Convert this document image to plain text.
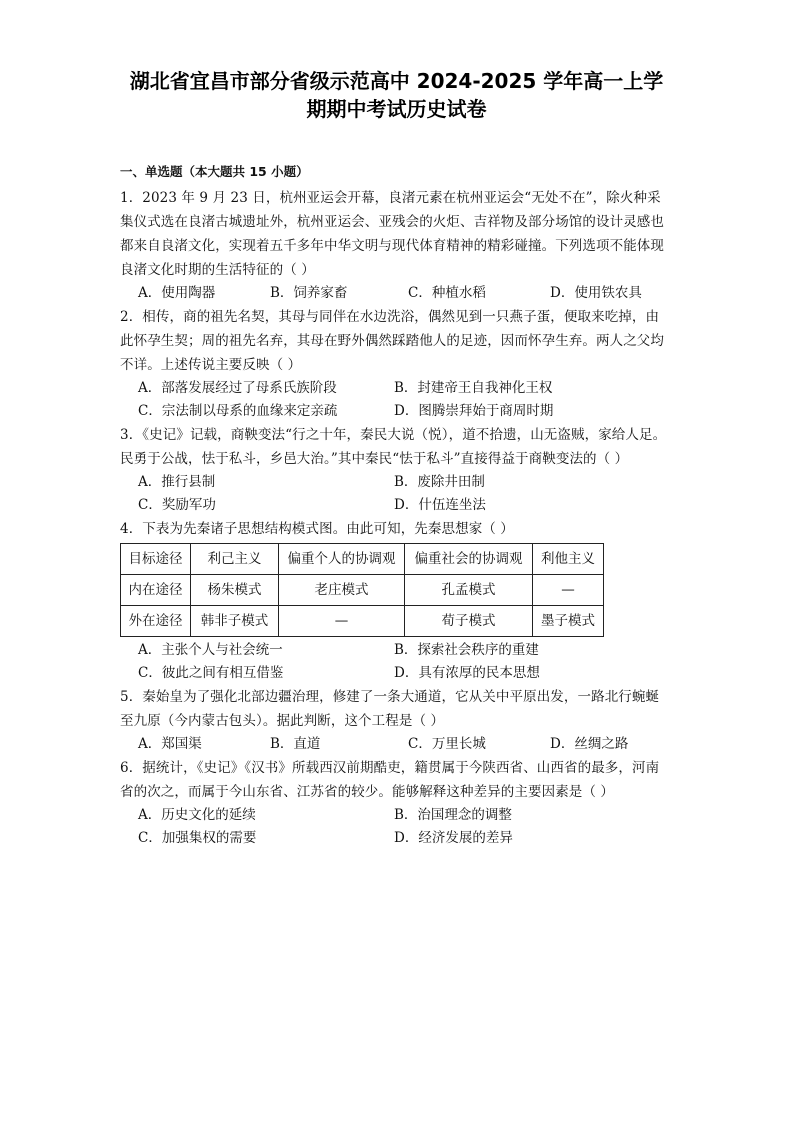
湖北省宜昌市部分省级示范高中 2024-2025 学年高一上学
期期中考试历史试卷
一、单选题（本大题共 15 小题）

1．2023 年 9 月 23 日，杭州亚运会开幕，良渚元素在杭州亚运会“无处不在”，除火种采集仪式选在良渚古城遗址外，杭州亚运会、亚残会的火炬、吉祥物及部分场馆的设计灵感也都来自良渚文化，实现着五千多年中华文明与现代体育精神的精彩碰撞。下列选项不能体现良渚文化时期的生活特征的（ ）

A．使用陶器	B．饲养家畜	C．种植水稻	D．使用铁农具

2．相传，商的祖先名契，其母与同伴在水边洗浴，偶然见到一只燕子蛋，便取来吃掉，由此怀孕生契；周的祖先名弃，其母在野外偶然踩踏他人的足迹，因而怀孕生弃。两人之父均不详。上述传说主要反映（ ）

A．部落发展经过了母系氏族阶段	B．封建帝王自我神化王权
C．宗法制以母系的血缘来定亲疏	D．图腾崇拜始于商周时期

3．《史记》记载，商鞅变法“行之十年，秦民大说（悦），道不拾遗，山无盗贼，家给人足。民勇于公战，怯于私斗，乡邑大治。”其中秦民“怯于私斗”直接得益于商鞅变法的（ ）

A．推行县制	B．废除井田制
C．奖励军功	D．什伍连坐法

4．下表为先秦诸子思想结构模式图。由此可知，先秦思想家（ ）

目标途径	利己主义	偏重个人的协调观	偏重社会的协调观	利他主义
内在途径	杨朱模式	老庄模式	孔孟模式	—
外在途径	韩非子模式	—	荀子模式	墨子模式
A．主张个人与社会统一	B．探索社会秩序的重建
C．彼此之间有相互借鉴	D．具有浓厚的民本思想

5．秦始皇为了强化北部边疆治理，修建了一条大通道，它从关中平原出发，一路北行蜿蜒至九原（今内蒙古包头）。据此判断，这个工程是（ ）

A．郑国渠	B．直道	C．万里长城	D．丝绸之路

6．据统计，《史记》《汉书》所载西汉前期酷吏，籍贯属于今陕西省、山西省的最多，河南省的次之，而属于今山东省、江苏省的较少。能够解释这种差异的主要因素是（ ）

A．历史文化的延续	B．治国理念的调整
C．加强集权的需要	D．经济发展的差异
